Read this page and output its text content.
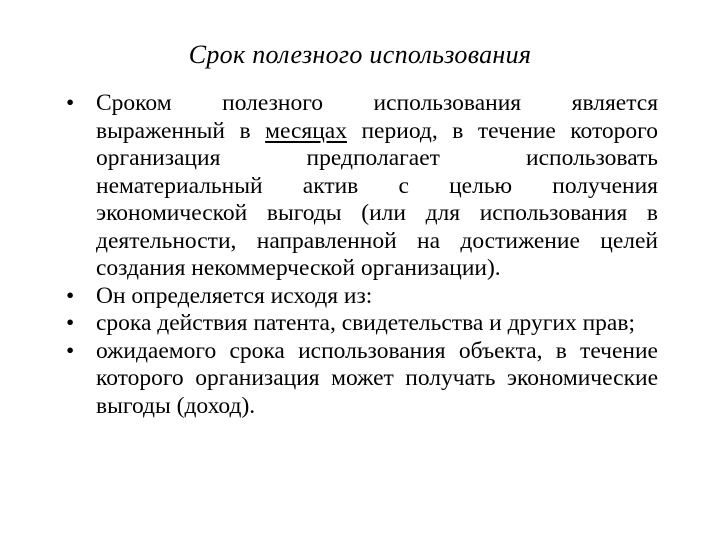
Срок полезного использования
• Сроком полезного использования является выраженный в месяцах период, в течение которого организация предполагает использовать нематериальный актив с целью получения экономической выгоды (или для использования в деятельности, направленной на достижение целей создания некоммерческой организации).
• Он определяется исходя из:
• срока действия патента, свидетельства и других прав;
• ожидаемого срока использования объекта, в течение которого организация может получать экономические выгоды (доход).
